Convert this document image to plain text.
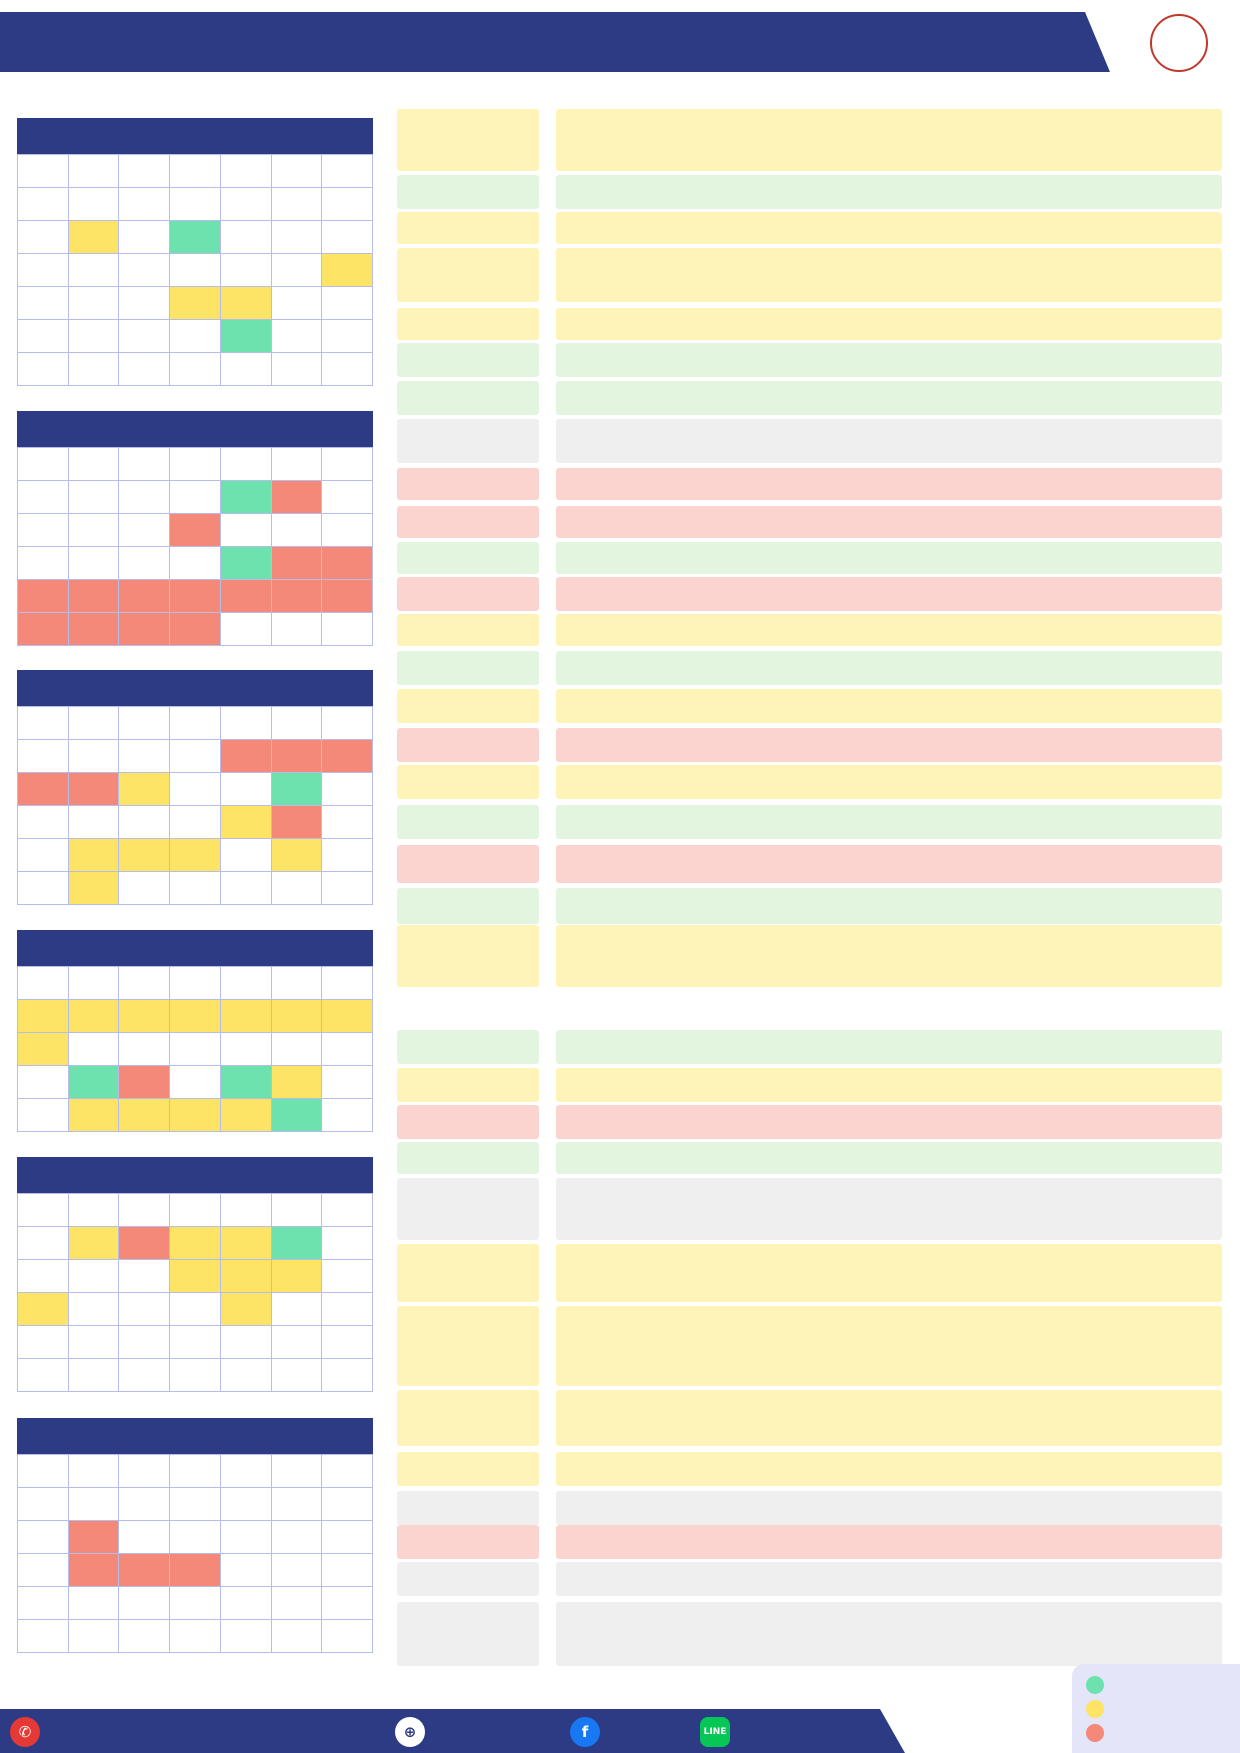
✆	⊕	f	LINE
